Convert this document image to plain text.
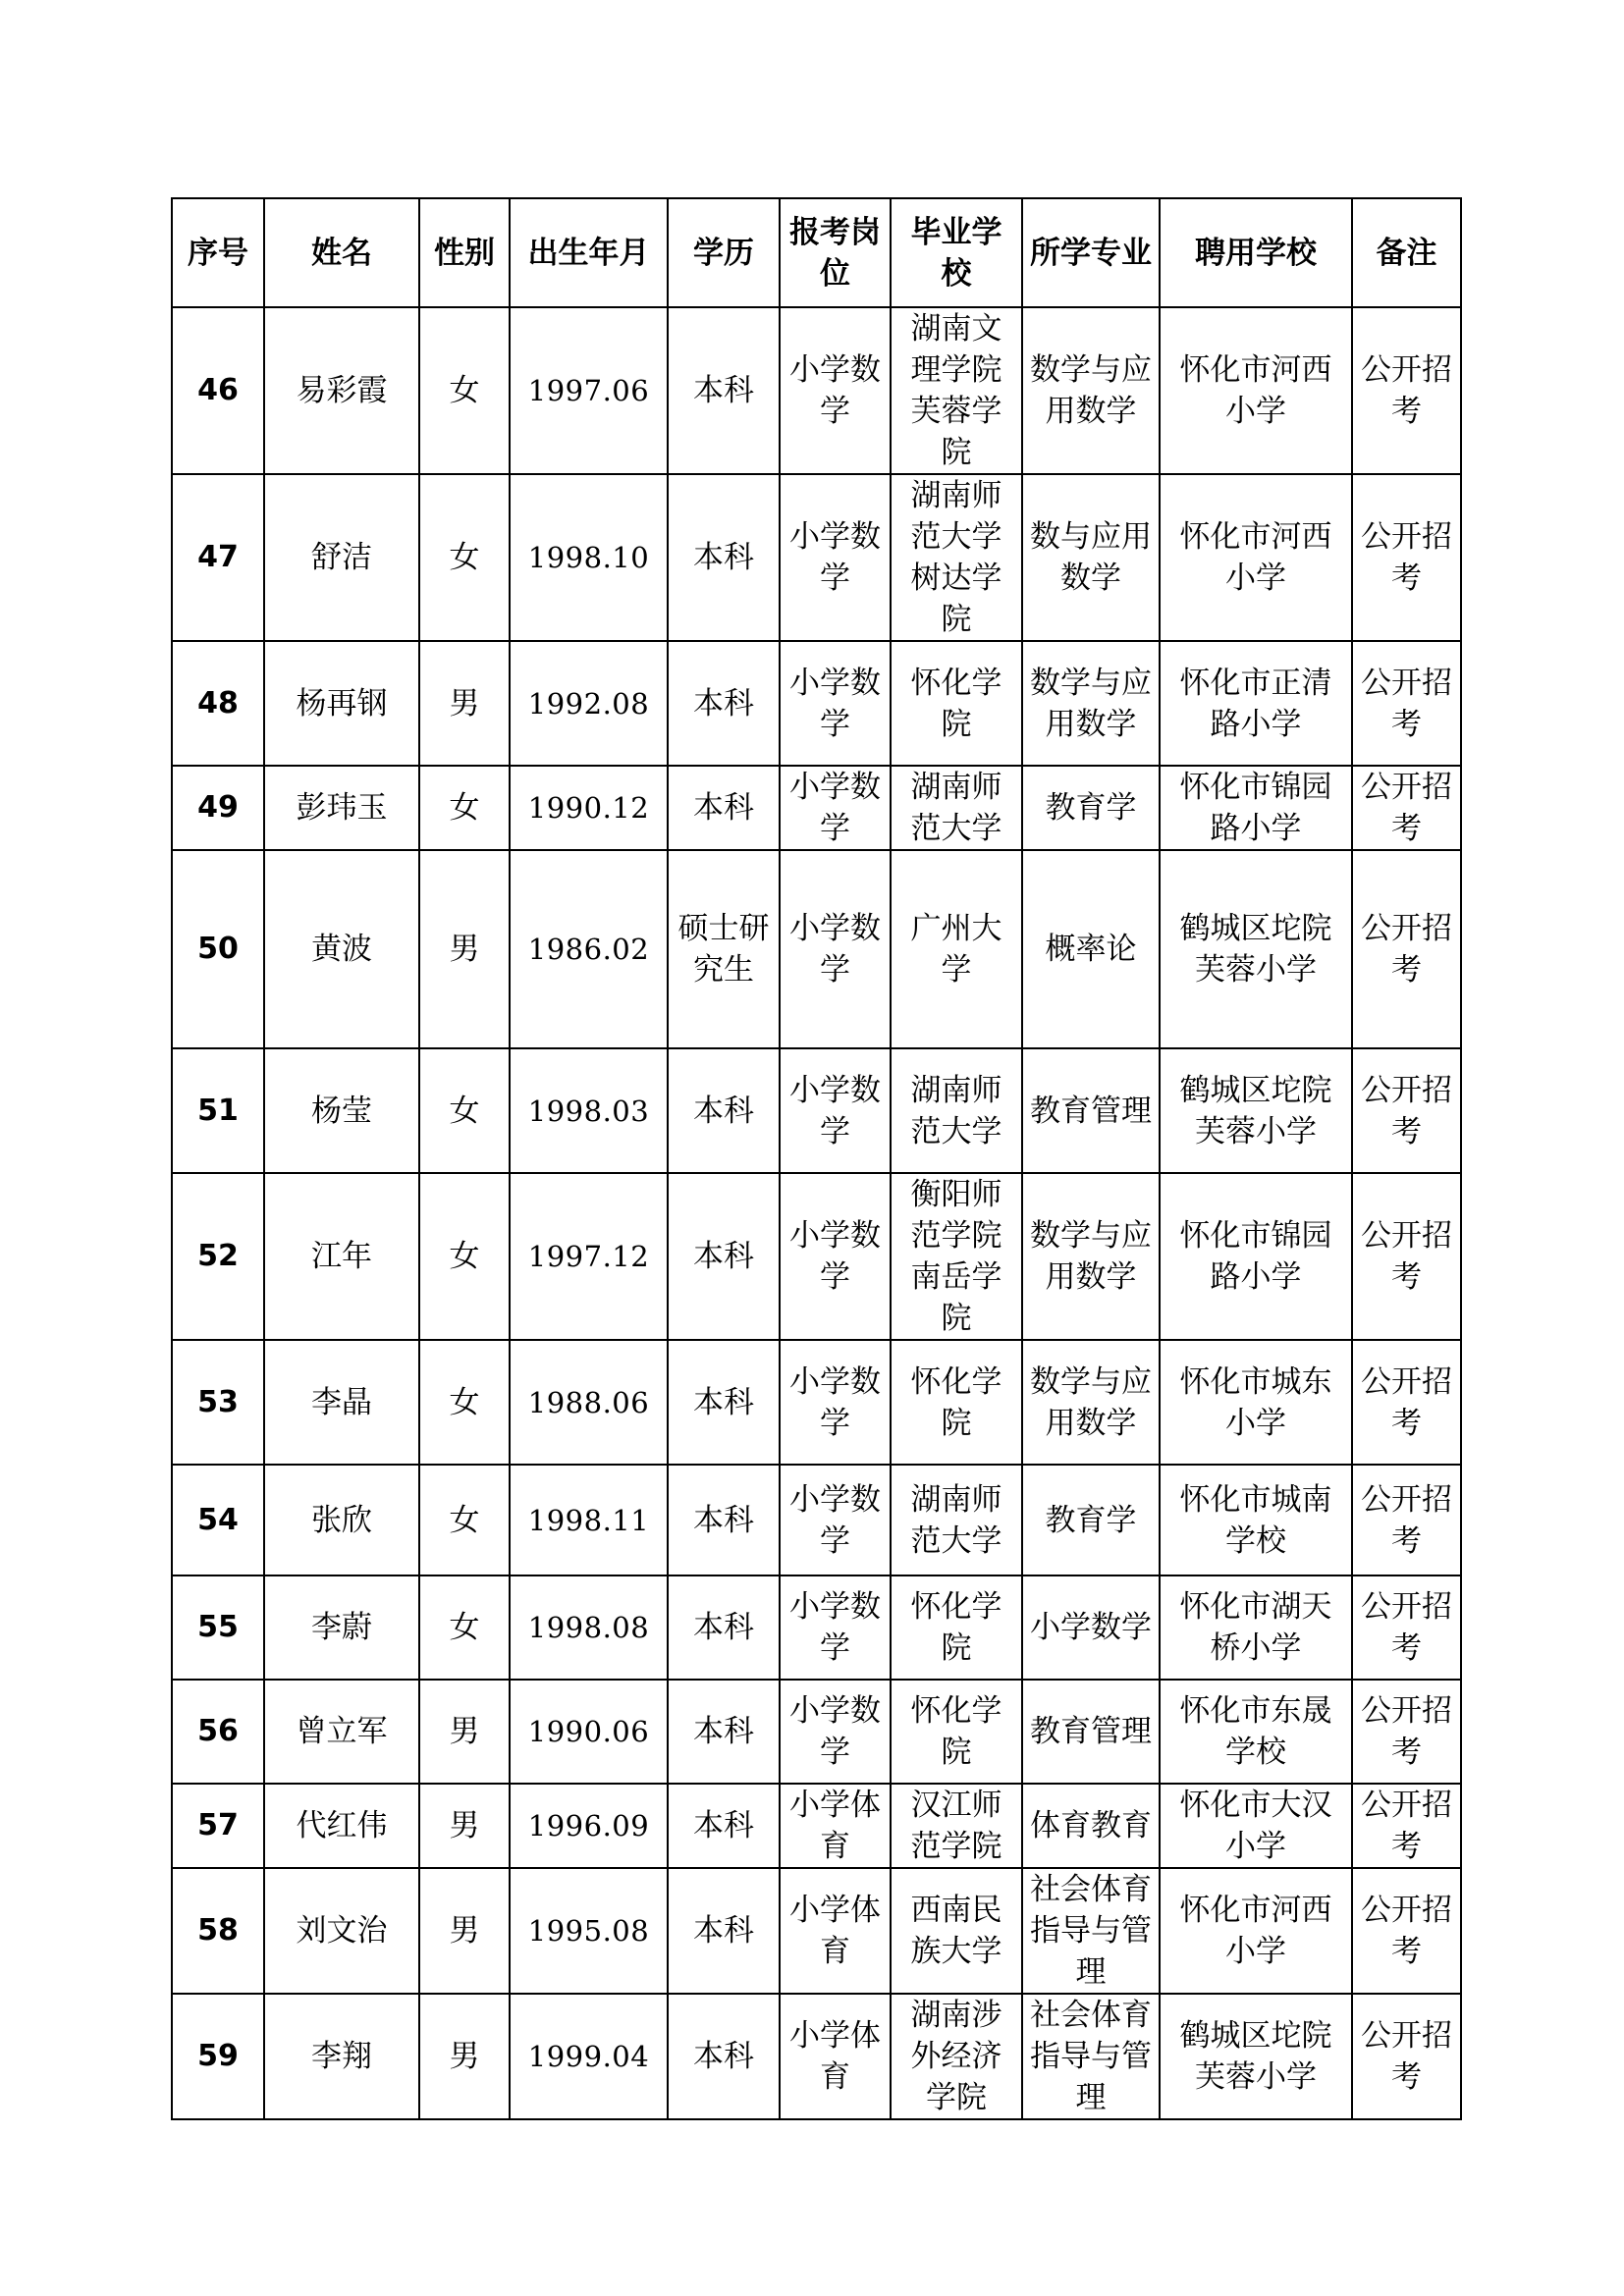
序号	姓名	性别	出生年月	学历	报考岗位	毕业学校	所学专业	聘用学校	备注
46	易彩霞	女	1997.06	本科	小学数学	湖南文理学院芙蓉学院	数学与应用数学	怀化市河西小学	公开招考
47	舒洁	女	1998.10	本科	小学数学	湖南师范大学树达学院	数与应用数学	怀化市河西小学	公开招考
48	杨再钢	男	1992.08	本科	小学数学	怀化学院	数学与应用数学	怀化市正清路小学	公开招考
49	彭玮玉	女	1990.12	本科	小学数学	湖南师范大学	教育学	怀化市锦园路小学	公开招考
50	黄波	男	1986.02	硕士研究生	小学数学	广州大学	概率论	鹤城区坨院芙蓉小学	公开招考
51	杨莹	女	1998.03	本科	小学数学	湖南师范大学	教育管理	鹤城区坨院芙蓉小学	公开招考
52	江年	女	1997.12	本科	小学数学	衡阳师范学院南岳学院	数学与应用数学	怀化市锦园路小学	公开招考
53	李晶	女	1988.06	本科	小学数学	怀化学院	数学与应用数学	怀化市城东小学	公开招考
54	张欣	女	1998.11	本科	小学数学	湖南师范大学	教育学	怀化市城南学校	公开招考
55	李蔚	女	1998.08	本科	小学数学	怀化学院	小学数学	怀化市湖天桥小学	公开招考
56	曾立军	男	1990.06	本科	小学数学	怀化学院	教育管理	怀化市东晟学校	公开招考
57	代红伟	男	1996.09	本科	小学体育	汉江师范学院	体育教育	怀化市大汉小学	公开招考
58	刘文治	男	1995.08	本科	小学体育	西南民族大学	社会体育指导与管理	怀化市河西小学	公开招考
59	李翔	男	1999.04	本科	小学体育	湖南涉外经济学院	社会体育指导与管理	鹤城区坨院芙蓉小学	公开招考
